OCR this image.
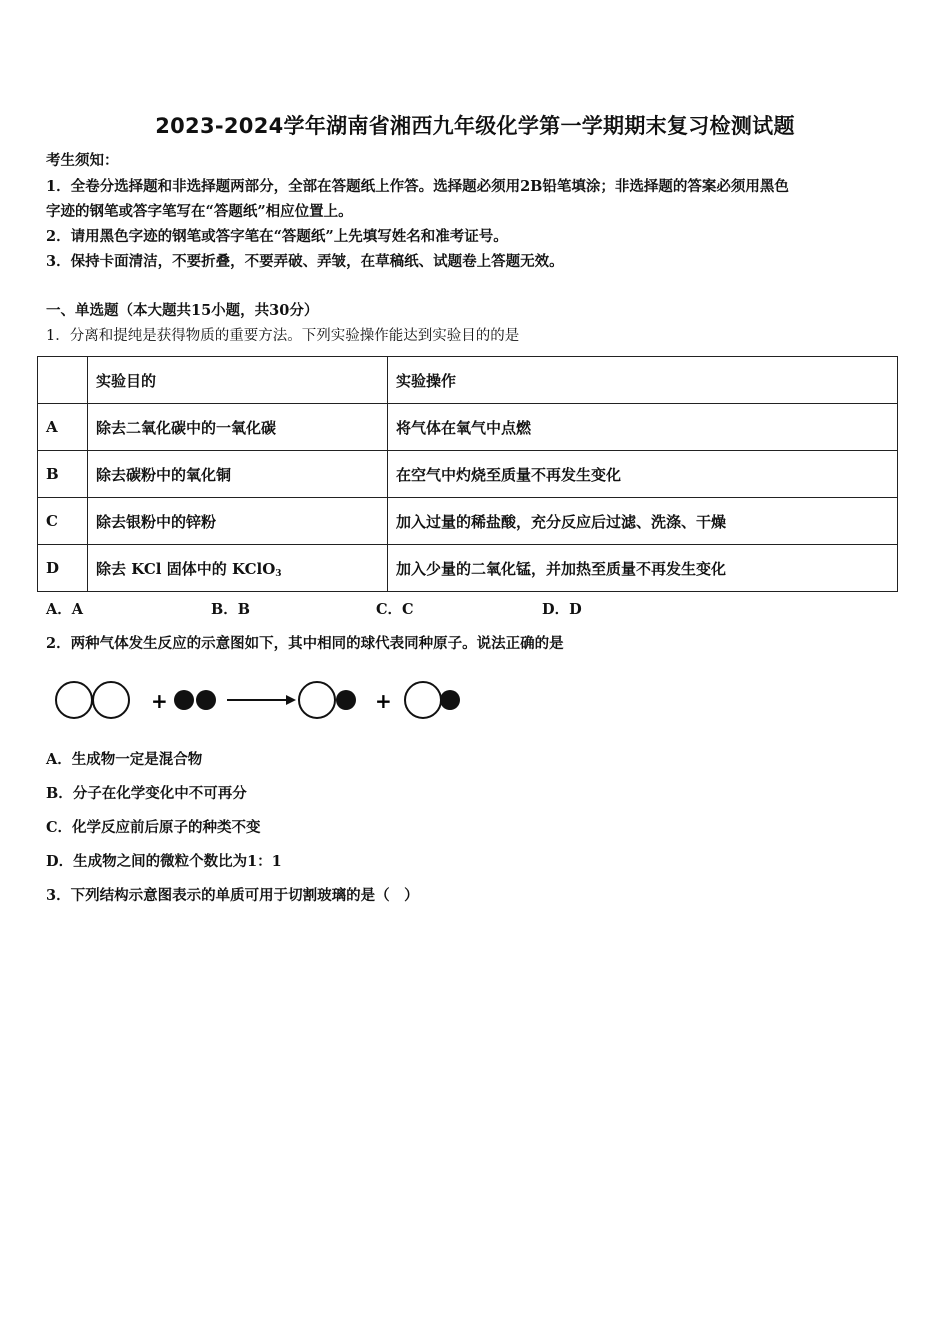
2023-2024学年湖南省湘西九年级化学第一学期期末复习检测试题
考生须知：
1．全卷分选择题和非选择题两部分，全部在答题纸上作答。选择题必须用2B铅笔填涂；非选择题的答案必须用黑色
字迹的钢笔或答字笔写在“答题纸”相应位置上。
2．请用黑色字迹的钢笔或答字笔在“答题纸”上先填写姓名和准考证号。
3．保持卡面清洁，不要折叠，不要弄破、弄皱，在草稿纸、试题卷上答题无效。
一、单选题（本大题共15小题，共30分）
1．分离和提纯是获得物质的重要方法。下列实验操作能达到实验目的的是
	实验目的	实验操作
A	除去二氧化碳中的一氧化碳	将气体在氧气中点燃
B	除去碳粉中的氧化铜	在空气中灼烧至质量不再发生变化
C	除去银粉中的锌粉	加入过量的稀盐酸，充分反应后过滤、洗涤、干燥
D	除去 KCl 固体中的 KClO$_3$	加入少量的二氧化锰，并加热至质量不再发生变化
A．A	B．B	C．C	D．D
2．两种气体发生反应的示意图如下，其中相同的球代表同种原子。说法正确的是
+	+
A．生成物一定是混合物
B．分子在化学变化中不可再分
C．化学反应前后原子的种类不变
D．生成物之间的微粒个数比为1：1
3．下列结构示意图表示的单质可用于切割玻璃的是（　）
